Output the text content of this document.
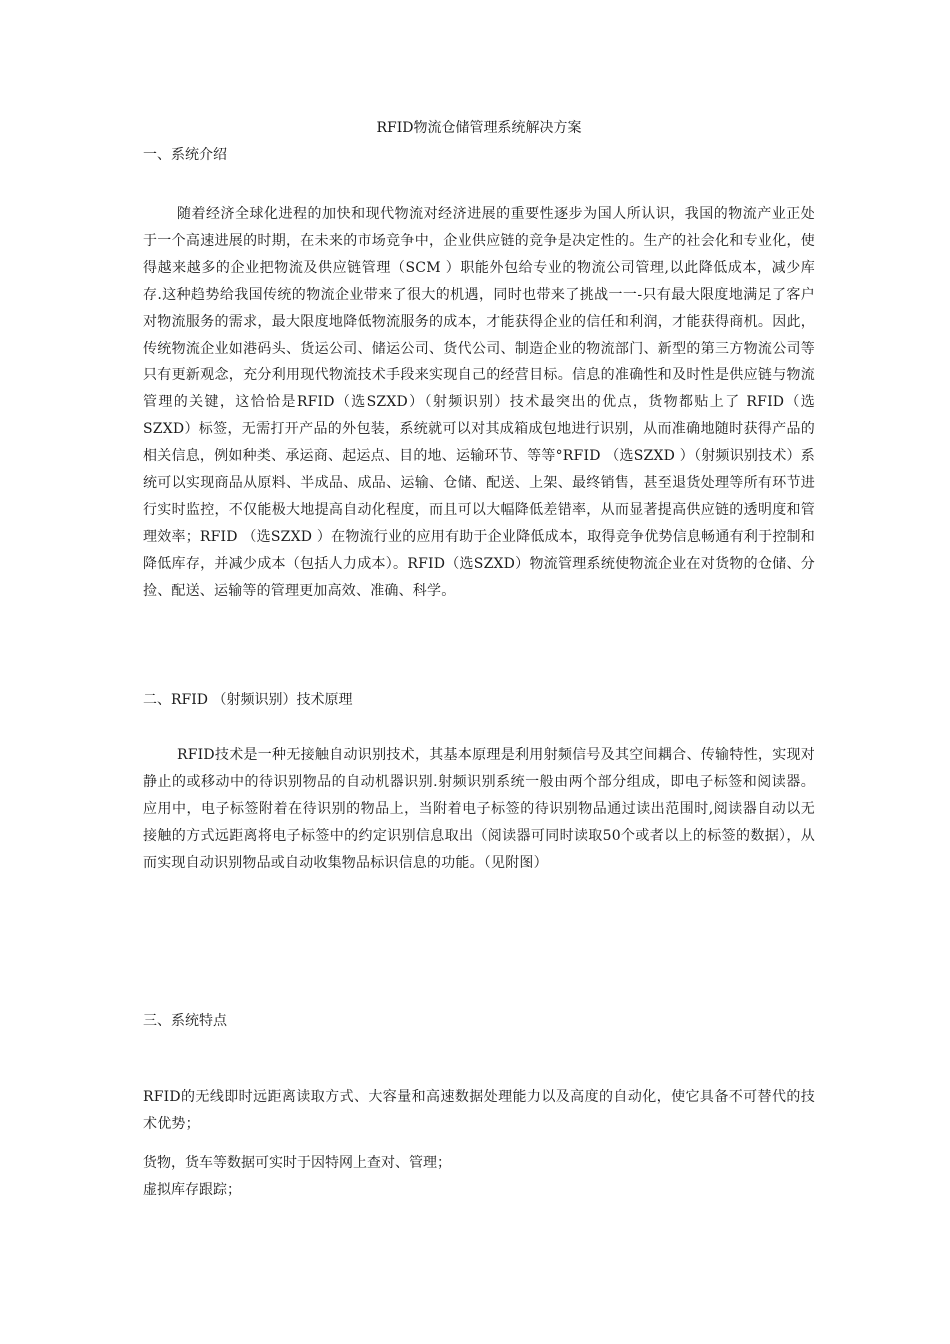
RFID物流仓储管理系统解决方案
一、系统介绍
随着经济全球化进程的加快和现代物流对经济进展的重要性逐步为国人所认识，我国的物流产业正处于一个高速进展的时期，在未来的市场竞争中，企业供应链的竞争是决定性的。生产的社会化和专业化，使得越来越多的企业把物流及供应链管理（SCM ）职能外包给专业的物流公司管理,以此降低成本，减少库存.这种趋势给我国传统的物流企业带来了很大的机遇，同时也带来了挑战一一-只有最大限度地满足了客户对物流服务的需求，最大限度地降低物流服务的成本，才能获得企业的信任和利润，才能获得商机。因此，传统物流企业如港码头、货运公司、储运公司、货代公司、制造企业的物流部门、新型的第三方物流公司等只有更新观念，充分利用现代物流技术手段来实现自己的经营目标。信息的准确性和及时性是供应链与物流管理的关键，这恰恰是RFID（选SZXD）（射频识别）技术最突出的优点，货物都贴上了 RFID（选SZXD）标签，无需打开产品的外包装，系统就可以对其成箱成包地进行识别，从而准确地随时获得产品的相关信息，例如种类、承运商、起运点、目的地、运输环节、等等°RFID （选SZXD ）（射频识别技术）系统可以实现商品从原料、半成品、成品、运输、仓储、配送、上架、最终销售，甚至退货处理等所有环节进行实时监控，不仅能极大地提高自动化程度，而且可以大幅降低差错率，从而显著提高供应链的透明度和管理效率；RFID （选SZXD ）在物流行业的应用有助于企业降低成本，取得竞争优势信息畅通有利于控制和降低库存，并减少成本（包括人力成本）。RFID（选SZXD）物流管理系统使物流企业在对货物的仓储、分捡、配送、运输等的管理更加高效、准确、科学。
二、RFID （射频识别）技术原理
RFID技术是一种无接触自动识别技术，其基本原理是利用射频信号及其空间耦合、传输特性，实现对静止的或移动中的待识别物品的自动机器识别.射频识别系统一般由两个部分组成，即电子标签和阅读器。应用中，电子标签附着在待识别的物品上，当附着电子标签的待识别物品通过读出范围时,阅读器自动以无接触的方式远距离将电子标签中的约定识别信息取出（阅读器可同时读取50个或者以上的标签的数据），从而实现自动识别物品或自动收集物品标识信息的功能。（见附图）
三、系统特点
RFID的无线即时远距离读取方式、大容量和高速数据处理能力以及高度的自动化，使它具备不可替代的技术优势；
货物，货车等数据可实时于因特网上查对、管理；
虚拟库存跟踪；
